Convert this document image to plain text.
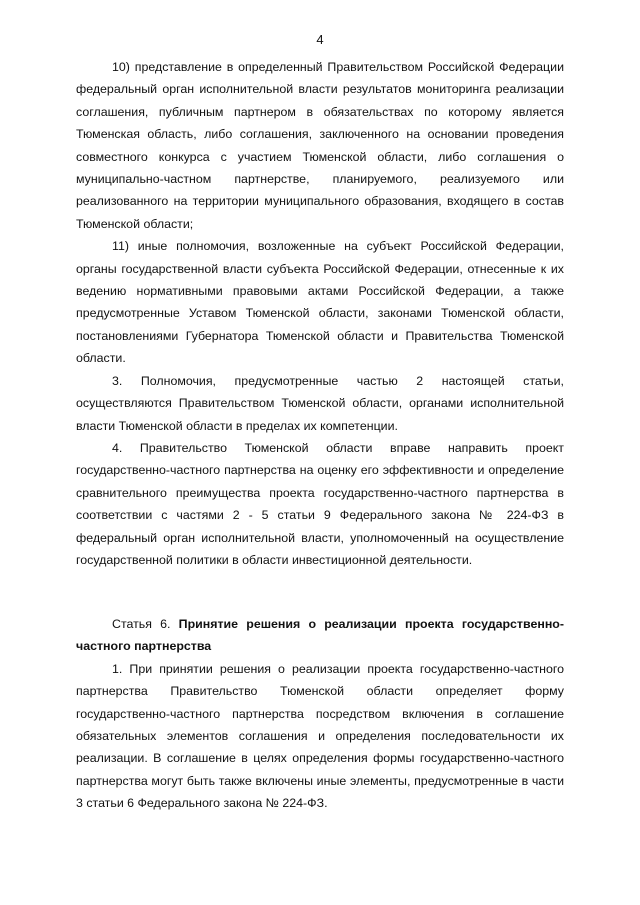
4

10) представление в определенный Правительством Российской Федерации федеральный орган исполнительной власти результатов мониторинга реализации соглашения, публичным партнером в обязательствах по которому является Тюменская область, либо соглашения, заключенного на основании проведения совместного конкурса с участием Тюменской области, либо соглашения о муниципально-частном партнерстве, планируемого, реализуемого или реализованного на территории муниципального образования, входящего в состав Тюменской области;

11) иные полномочия, возложенные на субъект Российской Федерации, органы государственной власти субъекта Российской Федерации, отнесенные к их ведению нормативными правовыми актами Российской Федерации, а также предусмотренные Уставом Тюменской области, законами Тюменской области, постановлениями Губернатора Тюменской области и Правительства Тюменской области.

3. Полномочия, предусмотренные частью 2 настоящей статьи, осуществляются Правительством Тюменской области, органами исполнительной власти Тюменской области в пределах их компетенции.

4. Правительство Тюменской области вправе направить проект государственно-частного партнерства на оценку его эффективности и определение сравнительного преимущества проекта государственно-частного партнерства в соответствии с частями 2 - 5 статьи 9 Федерального закона № 224-ФЗ в федеральный орган исполнительной власти, уполномоченный на осуществление государственной политики в области инвестиционной деятельности.

Статья 6. Принятие решения о реализации проекта государственно-частного партнерства

1. При принятии решения о реализации проекта государственно-частного партнерства Правительство Тюменской области определяет форму государственно-частного партнерства посредством включения в соглашение обязательных элементов соглашения и определения последовательности их реализации. В соглашение в целях определения формы государственно-частного партнерства могут быть также включены иные элементы, предусмотренные в части 3 статьи 6 Федерального закона № 224-ФЗ.
